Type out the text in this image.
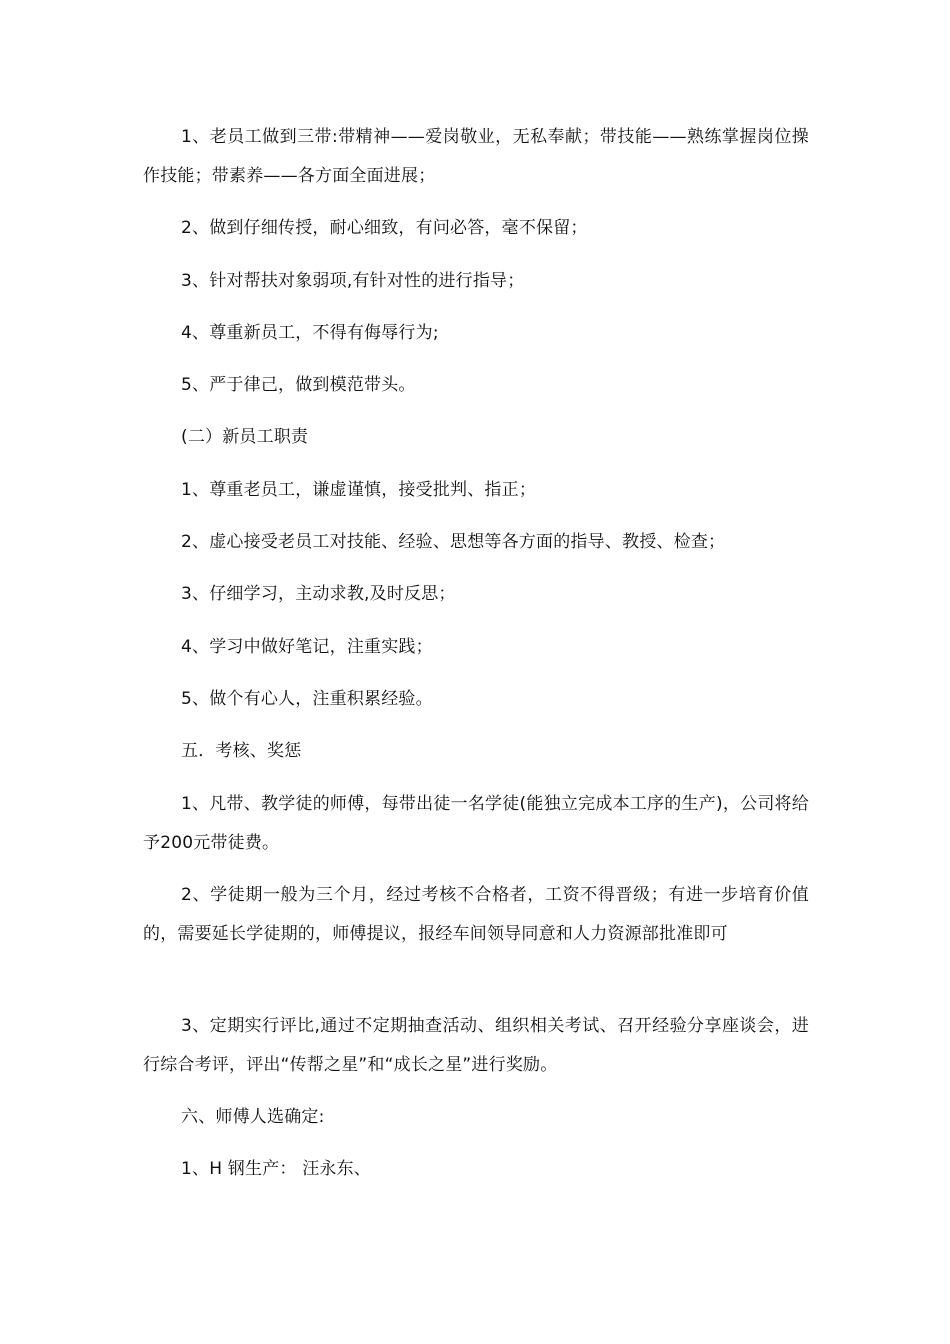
1、老员工做到三带:带精神——爱岗敬业，无私奉献；带技能——熟练掌握岗位操作技能；带素养——各方面全面进展；

2、做到仔细传授，耐心细致，有问必答，毫不保留；

3、针对帮扶对象弱项,有针对性的进行指导；

4、尊重新员工，不得有侮辱行为;

5、严于律己，做到模范带头。

(二）新员工职责

1、尊重老员工，谦虚谨慎，接受批判、指正；

2、虚心接受老员工对技能、经验、思想等各方面的指导、教授、检查；

3、仔细学习，主动求教,及时反思；

4、学习中做好笔记，注重实践；

5、做个有心人，注重积累经验。

五．考核、奖惩

1、凡带、教学徒的师傅，每带出徒一名学徒(能独立完成本工序的生产)，公司将给予200元带徒费。

2、学徒期一般为三个月，经过考核不合格者，工资不得晋级；有进一步培育价值的，需要延长学徒期的，师傅提议，报经车间领导同意和人力资源部批准即可

3、定期实行评比,通过不定期抽查活动、组织相关考试、召开经验分享座谈会，进行综合考评，评出“传帮之星”和“成长之星”进行奖励。

六、师傅人选确定:

1、H 钢生产： 汪永东、
